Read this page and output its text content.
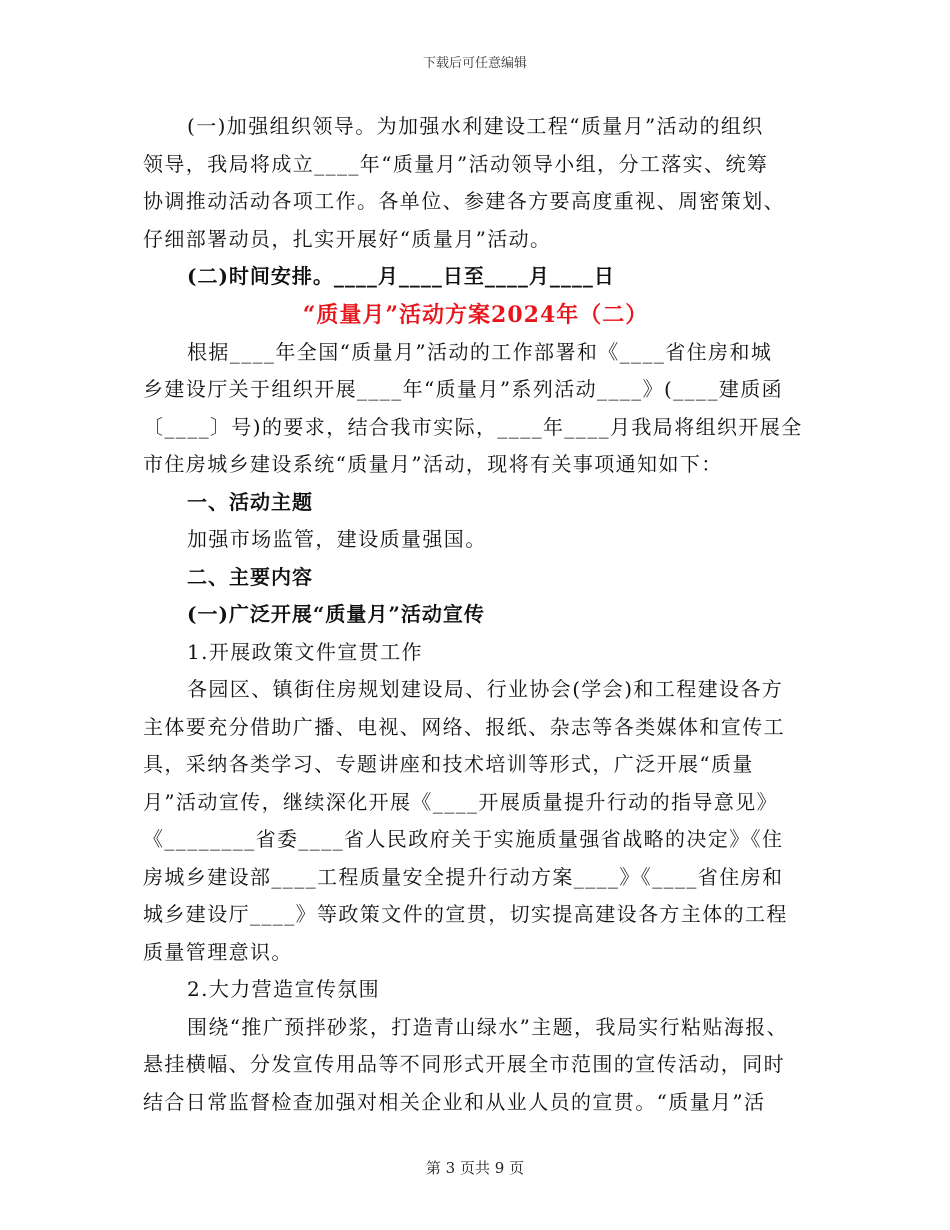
下载后可任意编辑
(一)加强组织领导。为加强水利建设工程“质量月”活动的组织
领导，我局将成立____年“质量月”活动领导小组，分工落实、统筹
协调推动活动各项工作。各单位、参建各方要高度重视、周密策划、
仔细部署动员，扎实开展好“质量月”活动。
(二)时间安排。____月____日至____月____日
“质量月”活动方案2024年（二）
根据____年全国“质量月”活动的工作部署和《____省住房和城
乡建设厅关于组织开展____年“质量月”系列活动____》(____建质函
〔____〕号)的要求，结合我市实际，____年____月我局将组织开展全
市住房城乡建设系统“质量月”活动，现将有关事项通知如下：
一、活动主题
加强市场监管，建设质量强国。
二、主要内容
(一)广泛开展“质量月”活动宣传
1.开展政策文件宣贯工作
各园区、镇街住房规划建设局、行业协会(学会)和工程建设各方
主体要充分借助广播、电视、网络、报纸、杂志等各类媒体和宣传工
具，采纳各类学习、专题讲座和技术培训等形式，广泛开展“质量
月”活动宣传，继续深化开展《____开展质量提升行动的指导意见》
《________省委____省人民政府关于实施质量强省战略的决定》《住
房城乡建设部____工程质量安全提升行动方案____》《____省住房和
城乡建设厅____》等政策文件的宣贯，切实提高建设各方主体的工程
质量管理意识。
2.大力营造宣传氛围
围绕“推广预拌砂浆，打造青山绿水”主题，我局实行粘贴海报、
悬挂横幅、分发宣传用品等不同形式开展全市范围的宣传活动，同时
结合日常监督检查加强对相关企业和从业人员的宣贯。“质量月”活
第 3 页共 9 页
